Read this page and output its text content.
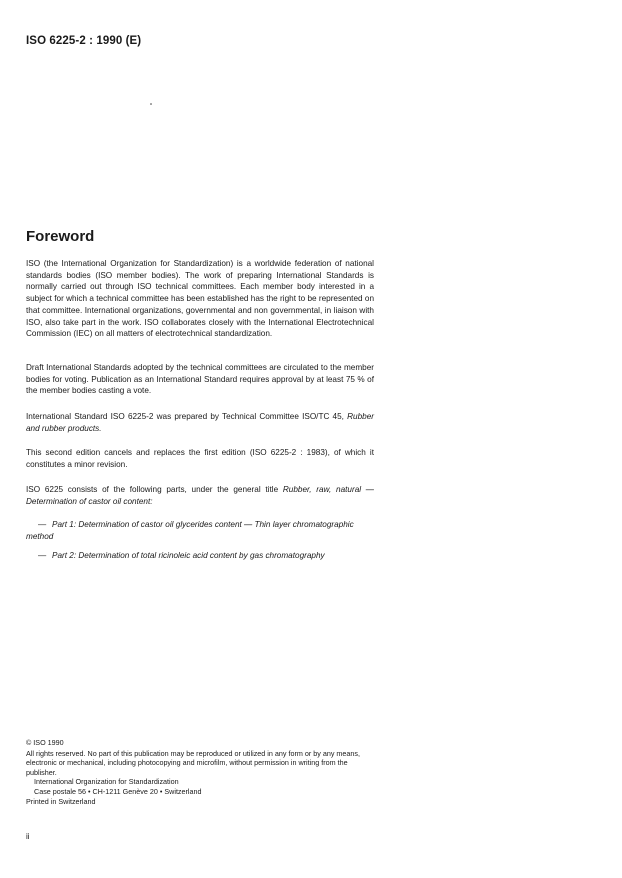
ISO 6225-2 : 1990 (E)
Foreword

ISO (the International Organization for Standardization) is a worldwide federation of national standards bodies (ISO member bodies). The work of preparing International Standards is normally carried out through ISO technical committees. Each member body interested in a subject for which a technical committee has been established has the right to be represented on that committee. International organizations, governmental and non governmental, in liaison with ISO, also take part in the work. ISO collaborates closely with the International Electrotechnical Commission (IEC) on all matters of electrotechnical standardization.

Draft International Standards adopted by the technical committees are circulated to the member bodies for voting. Publication as an International Standard requires approval by at least 75 % of the member bodies casting a vote.

International Standard ISO 6225-2 was prepared by Technical Committee ISO/TC 45, Rubber and rubber products.

This second edition cancels and replaces the first edition (ISO 6225-2 : 1983), of which it constitutes a minor revision.

ISO 6225 consists of the following parts, under the general title Rubber, raw, natural — Determination of castor oil content:

— Part 1: Determination of castor oil glycerides content — Thin layer chromatographic method

— Part 2: Determination of total ricinoleic acid content by gas chromatography

© ISO 1990

All rights reserved. No part of this publication may be reproduced or utilized in any form or by any means, electronic or mechanical, including photocopying and microfilm, without permission in writing from the publisher.

International Organization for Standardization

Case postale 56 • CH-1211 Genève 20 • Switzerland

Printed in Switzerland

ii
